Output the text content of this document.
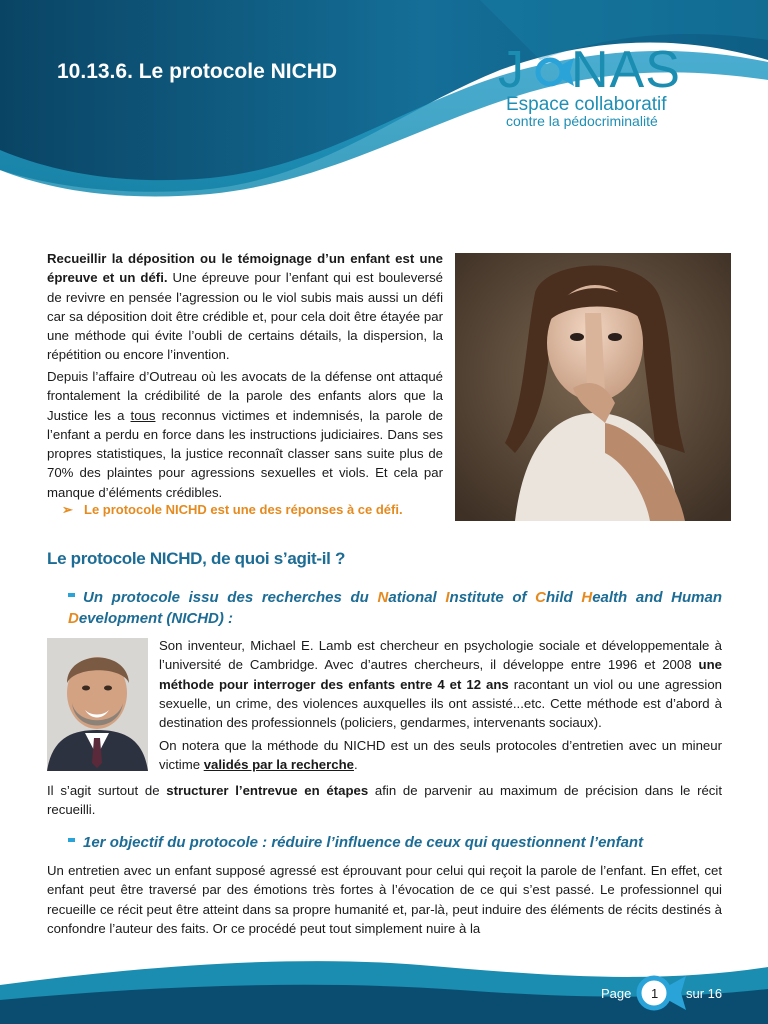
10.13.6. Le protocole NICHD	J NAS
Espace collaboratif
contre la pédocriminalité

Recueillir la déposition ou le témoignage d’un enfant est une épreuve et un défi. Une épreuve pour l’enfant qui est bouleversé de revivre en pensée l’agression ou le viol subis mais aussi un défi car sa déposition doit être crédible et, pour cela doit être étayée par une méthode qui évite l’oubli de certains détails, la dispersion, la répétition ou encore l’invention.

Depuis l’affaire d’Outreau où les avocats de la défense ont attaqué frontalement la crédibilité de la parole des enfants alors que la Justice les a tous reconnus victimes et indemnisés, la parole de l’enfant a perdu en force dans les instructions judiciaires. Dans ses propres statistiques, la justice reconnaît classer sans suite plus de 70% des plaintes pour agressions sexuelles et viols. Et cela par manque d’éléments crédibles.

➢ Le protocole NICHD est une des réponses à ce défi.
Le protocole NICHD, de quoi s’agit-il ?
Un protocole issu des recherches du National Institute of Child Health and Human Development (NICHD) :

Son inventeur, Michael E. Lamb est chercheur en psychologie sociale et développementale à l’université de Cambridge. Avec d’autres chercheurs, il développe entre 1996 et 2008 une méthode pour interroger des enfants entre 4 et 12 ans racontant un viol ou une agression sexuelle, un crime, des violences auxquelles ils ont assisté...etc. Cette méthode est d’abord à destination des professionnels (policiers, gendarmes, intervenants sociaux).

On notera que la méthode du NICHD est un des seuls protocoles d’entretien avec un mineur victime validés par la recherche.

Il s’agit surtout de structurer l’entrevue en étapes afin de parvenir au maximum de précision dans le récit recueilli.

1er objectif du protocole : réduire l’influence de ceux qui questionnent l’enfant

Un entretien avec un enfant supposé agressé est éprouvant pour celui qui reçoit la parole de l’enfant. En effet, cet enfant peut être traversé par des émotions très fortes à l’évocation de ce qui s’est passé. Le professionnel qui recueille ce récit peut être atteint dans sa propre humanité et, par-là, peut induire des éléments de récits destinés à confondre l’auteur des faits. Or ce procédé peut tout simplement nuire à la

Page 1 sur 16
